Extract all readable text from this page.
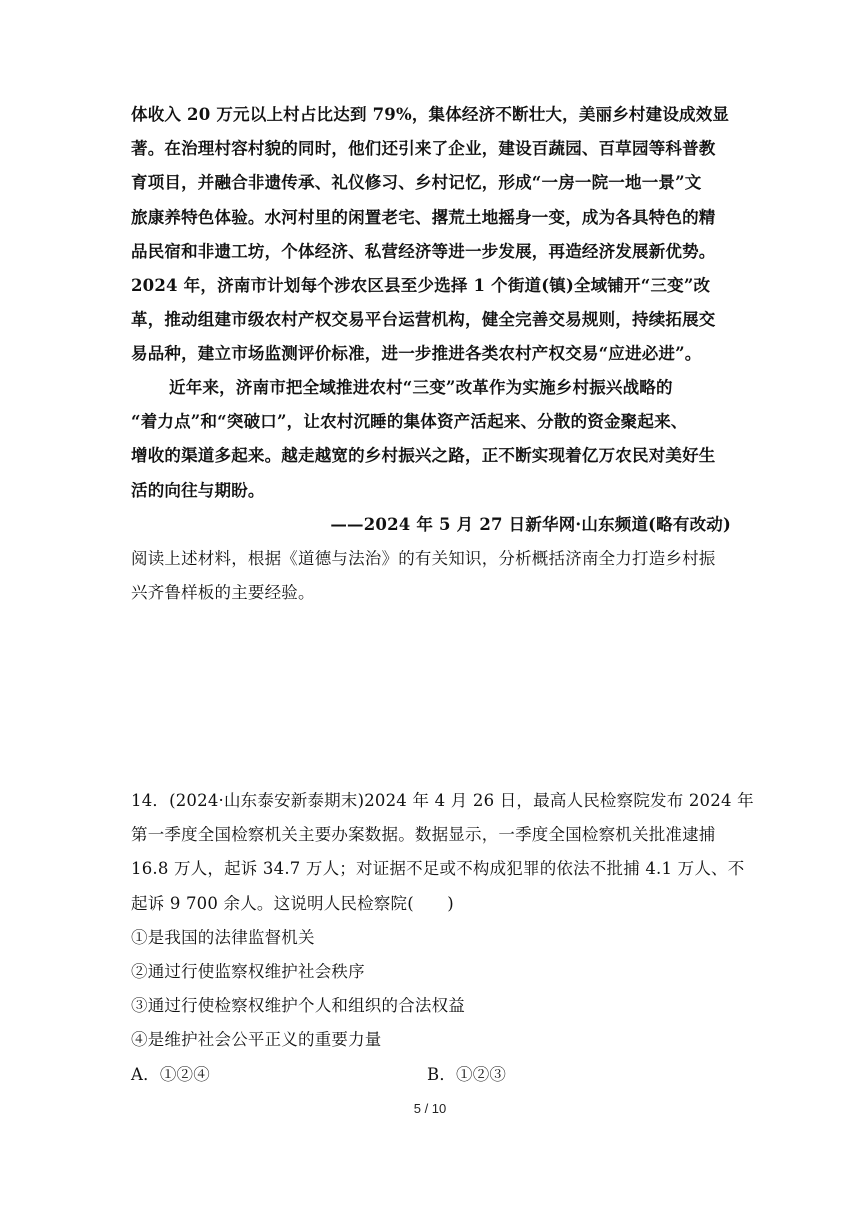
体收入 20 万元以上村占比达到 79%，集体经济不断壮大，美丽乡村建设成效显
著。在治理村容村貌的同时，他们还引来了企业，建设百蔬园、百草园等科普教
育项目，并融合非遗传承、礼仪修习、乡村记忆，形成“一房一院一地一景”文
旅康养特色体验。水河村里的闲置老宅、撂荒土地摇身一变，成为各具特色的精
品民宿和非遗工坊，个体经济、私营经济等进一步发展，再造经济发展新优势。
2024 年，济南市计划每个涉农区县至少选择 1 个街道(镇)全域铺开“三变”改
革，推动组建市级农村产权交易平台运营机构，健全完善交易规则，持续拓展交
易品种，建立市场监测评价标准，进一步推进各类农村产权交易“应进必进”。
近年来，济南市把全域推进农村“三变”改革作为实施乡村振兴战略的
“着力点”和“突破口”，让农村沉睡的集体资产活起来、分散的资金聚起来、
增收的渠道多起来。越走越宽的乡村振兴之路，正不断实现着亿万农民对美好生
活的向往与期盼。
——2024 年 5 月 27 日新华网·山东频道(略有改动)
阅读上述材料，根据《道德与法治》的有关知识，分析概括济南全力打造乡村振
兴齐鲁样板的主要经验。
14．(2024·山东泰安新泰期末)2024 年 4 月 26 日，最高人民检察院发布 2024 年
第一季度全国检察机关主要办案数据。数据显示，一季度全国检察机关批准逮捕
16.8 万人，起诉 34.7 万人；对证据不足或不构成犯罪的依法不批捕 4.1 万人、不
起诉 9 700 余人。这说明人民检察院(　　)
①是我国的法律监督机关
②通过行使监察权维护社会秩序
③通过行使检察权维护个人和组织的合法权益
④是维护社会公平正义的重要力量
A．①②④	B．①②③
5 / 10
